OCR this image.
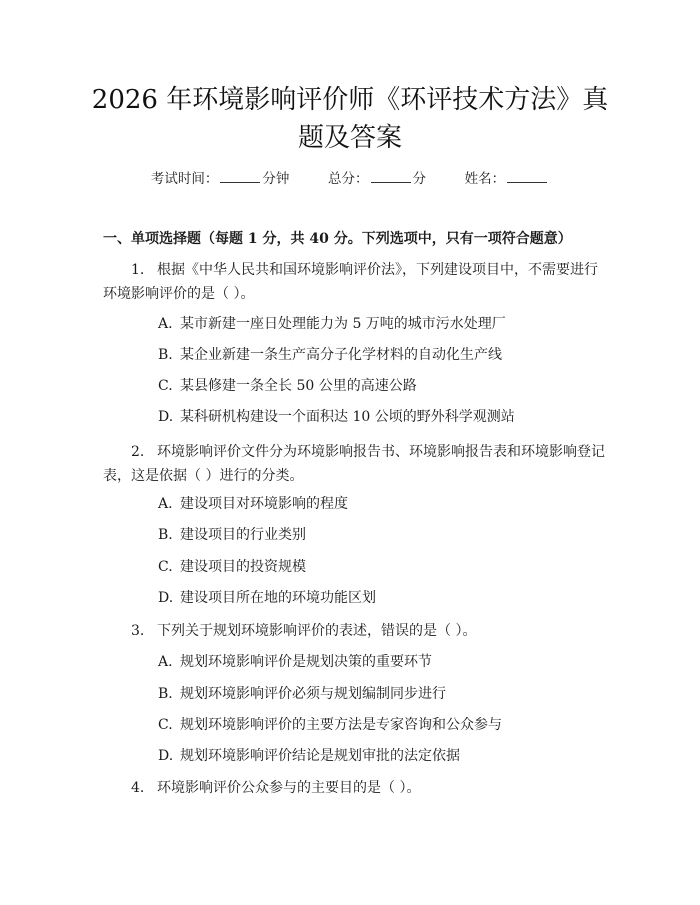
2026 年环境影响评价师《环评技术方法》真
题及答案
考试时间：	分钟	总分：	分	姓名：
一、单项选择题（每题 1 分，共 40 分。下列选项中，只有一项符合题意）
1. 根据《中华人民共和国环境影响评价法》，下列建设项目中，不需要进行
环境影响评价的是（ ）。
A. 某市新建一座日处理能力为 5 万吨的城市污水处理厂
B. 某企业新建一条生产高分子化学材料的自动化生产线
C. 某县修建一条全长 50 公里的高速公路
D. 某科研机构建设一个面积达 10 公顷的野外科学观测站
2. 环境影响评价文件分为环境影响报告书、环境影响报告表和环境影响登记
表，这是依据（ ）进行的分类。
A. 建设项目对环境影响的程度
B. 建设项目的行业类别
C. 建设项目的投资规模
D. 建设项目所在地的环境功能区划
3. 下列关于规划环境影响评价的表述，错误的是（ ）。
A. 规划环境影响评价是规划决策的重要环节
B. 规划环境影响评价必须与规划编制同步进行
C. 规划环境影响评价的主要方法是专家咨询和公众参与
D. 规划环境影响评价结论是规划审批的法定依据
4. 环境影响评价公众参与的主要目的是（ ）。
